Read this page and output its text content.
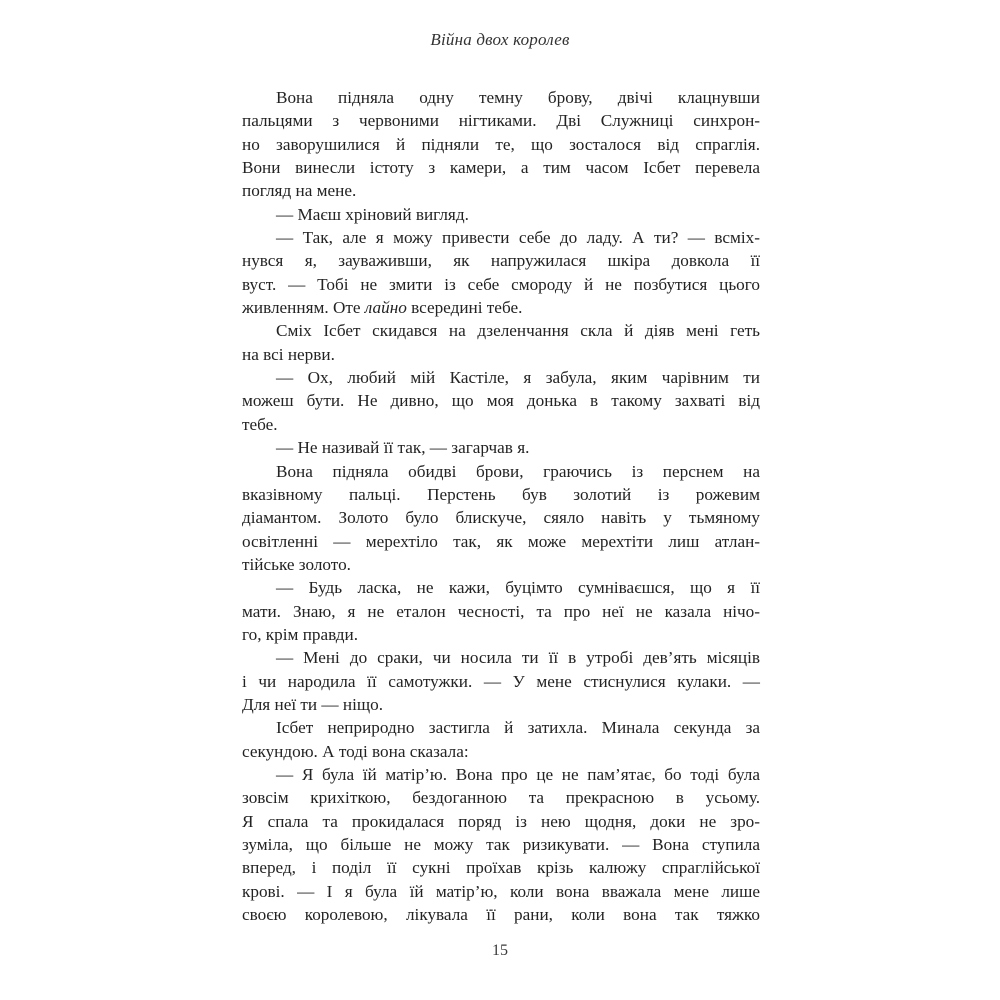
Війна двох королев
Вона підняла одну темну брову, двічі клацнувши
пальцями з червоними нігтиками. Дві Служниці синхрон-
но заворушилися й підняли те, що зосталося від спраглія.
Вони винесли істоту з камери, а тим часом Ісбет перевела
погляд на мене.
— Маєш хріновий вигляд.
— Так, але я можу привести себе до ладу. А ти? — всміх-
нувся я, зауваживши, як напружилася шкіра довкола її
вуст. — Тобі не змити із себе смороду й не позбутися цього
живленням. Оте лайно всередині тебе.
Сміх Ісбет скидався на дзеленчання скла й діяв мені геть
на всі нерви.
— Ох, любий мій Кастіле, я забула, яким чарівним ти
можеш бути. Не дивно, що моя донька в такому захваті від
тебе.
— Не називай її так, — загарчав я.
Вона підняла обидві брови, граючись із перснем на
вказівному пальці. Перстень був золотий із рожевим
діамантом. Золото було блискуче, сяяло навіть у тьмяному
освітленні — мерехтіло так, як може мерехтіти лиш атлан-
тійське золото.
— Будь ласка, не кажи, буцімто сумніваєшся, що я її
мати. Знаю, я не еталон чесності, та про неї не казала нічо-
го, крім правди.
— Мені до сраки, чи носила ти її в утробі дев’ять місяців
і чи народила її самотужки. — У мене стиснулися кулаки. —
Для неї ти — ніщо.
Ісбет неприродно застигла й затихла. Минала секунда за
секундою. А тоді вона сказала:
— Я була їй матір’ю. Вона про це не пам’ятає, бо тоді була
зовсім крихіткою, бездоганною та прекрасною в усьому.
Я спала та прокидалася поряд із нею щодня, доки не зро-
зуміла, що більше не можу так ризикувати. — Вона ступила
вперед, і поділ її сукні проїхав крізь калюжу спраглійської
крові. — І я була їй матір’ю, коли вона вважала мене лише
своєю королевою, лікувала її рани, коли вона так тяжко
15
